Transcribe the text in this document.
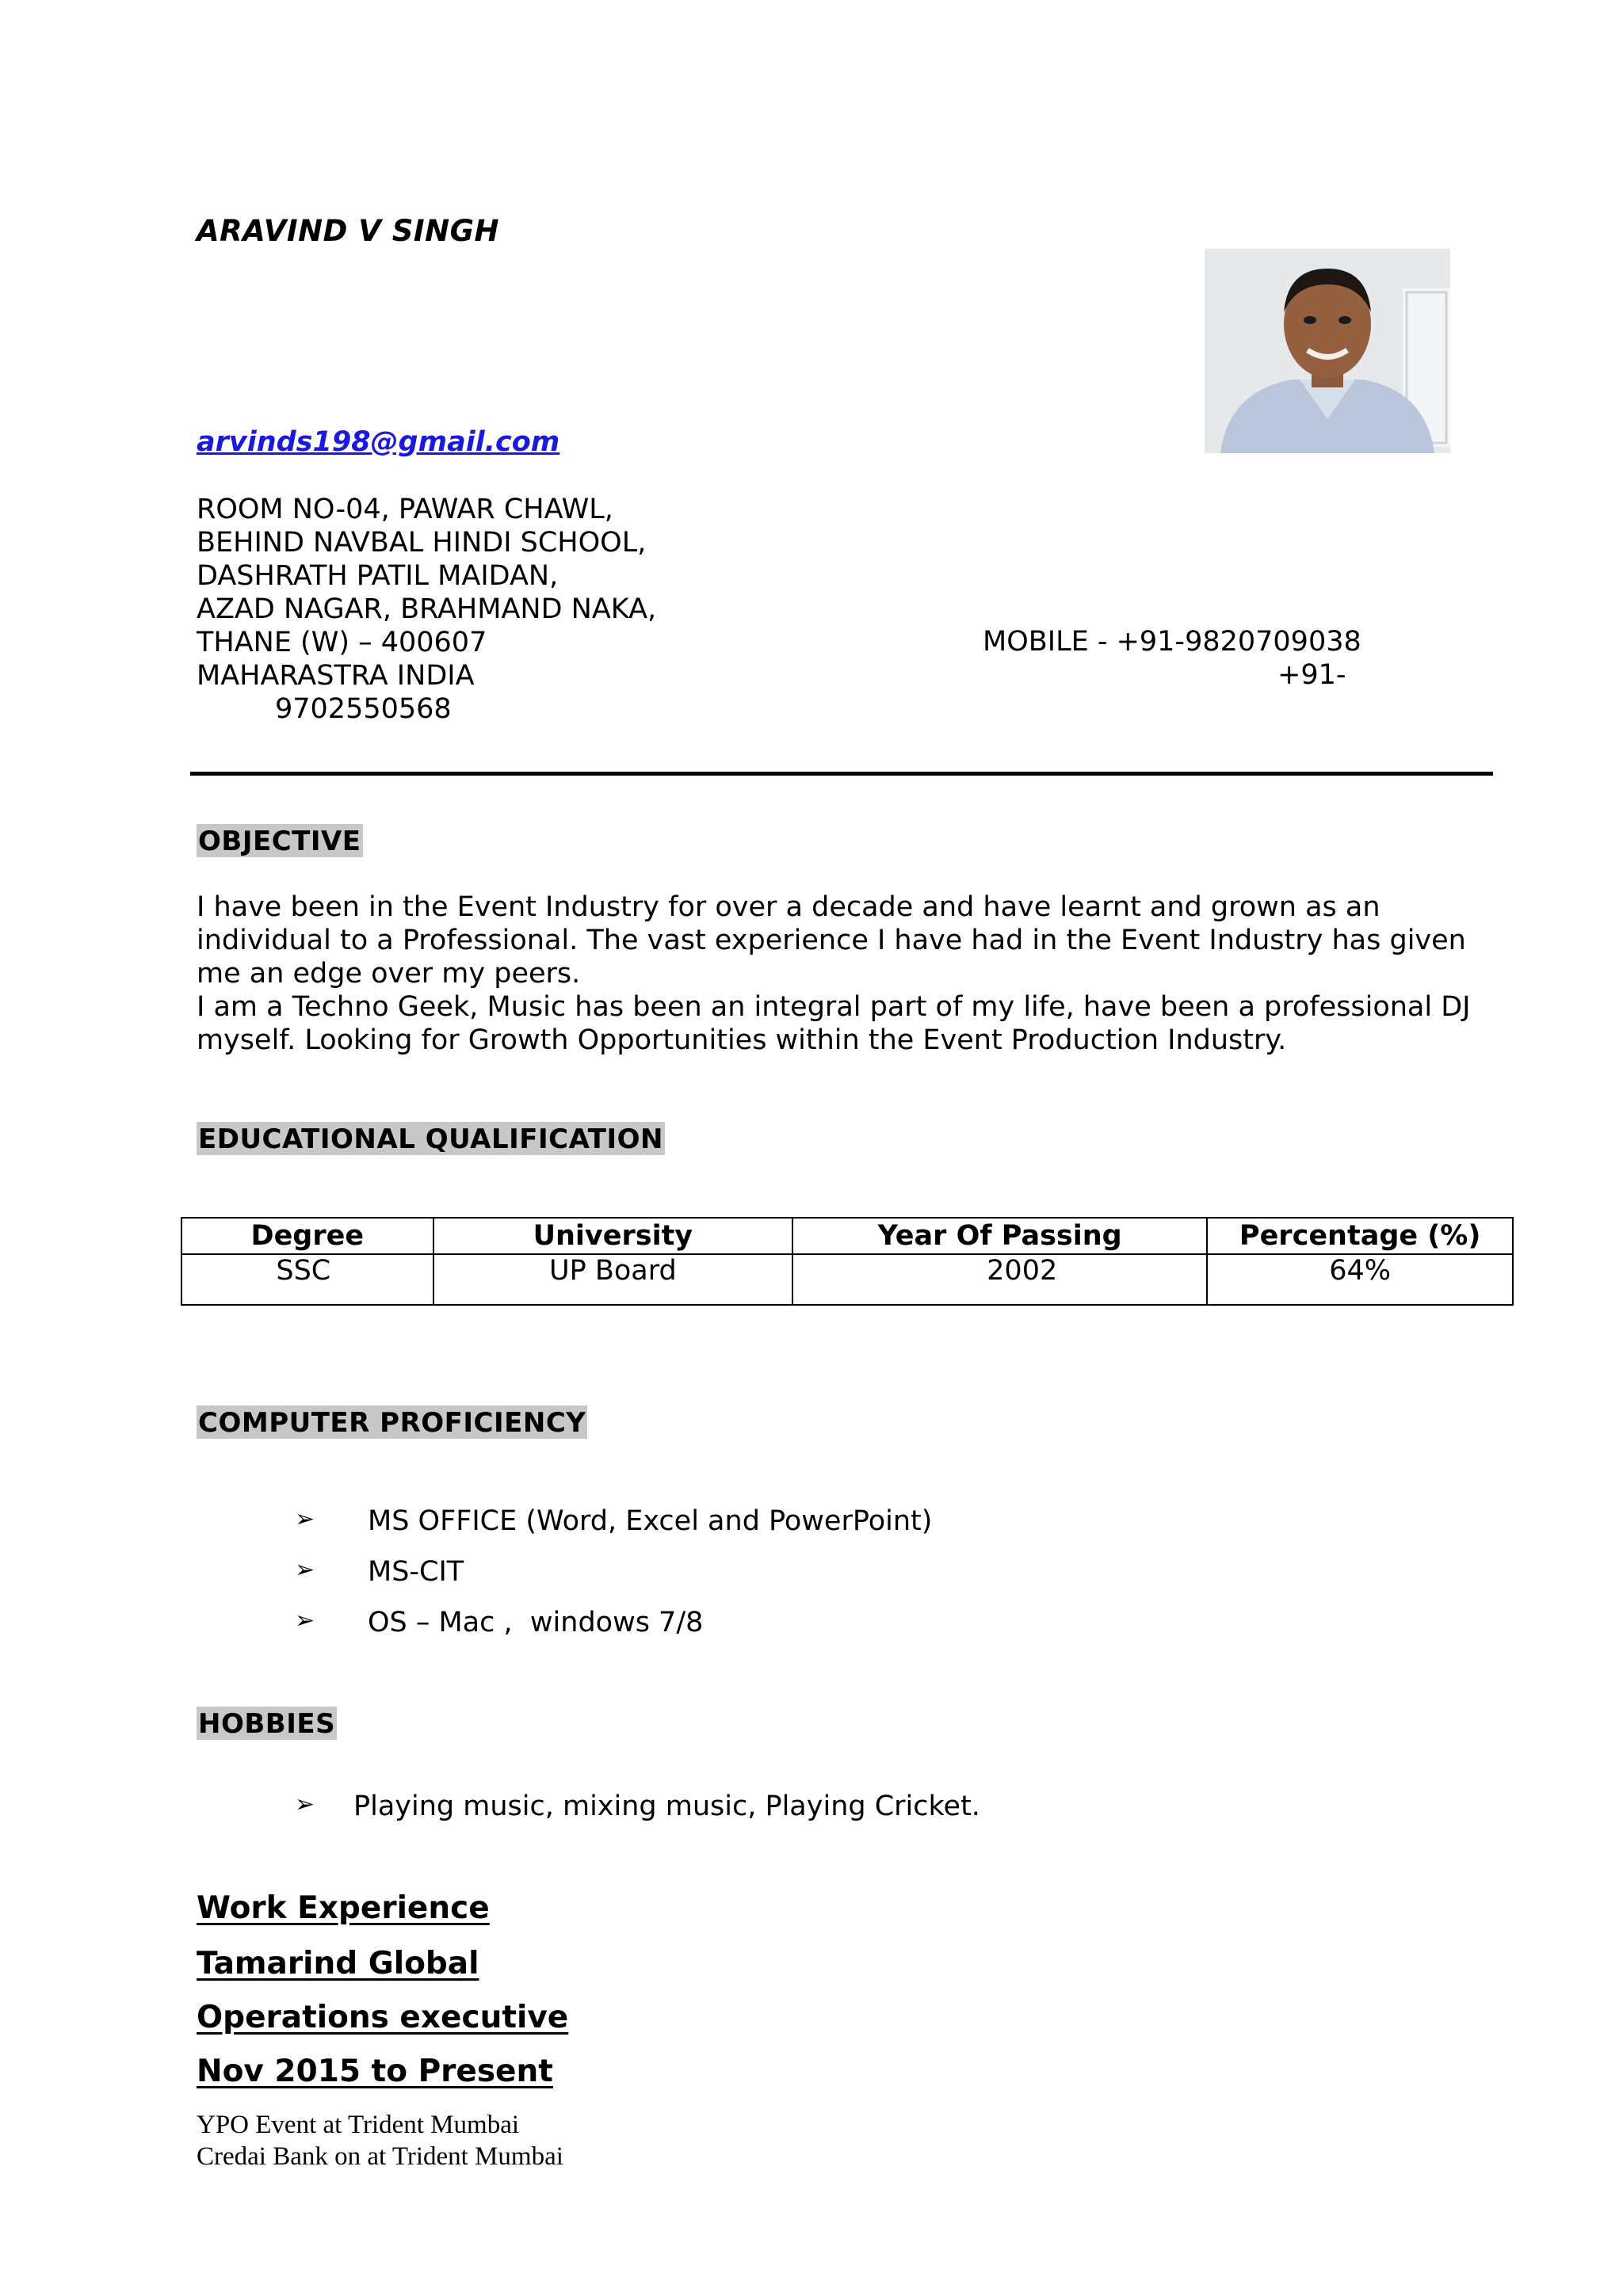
ARAVIND V SINGH
arvinds198@gmail.com
ROOM NO-04, PAWAR CHAWL,
BEHIND NAVBAL HINDI SCHOOL,
DASHRATH PATIL MAIDAN,
AZAD NAGAR, BRAHMAND NAKA,
THANE (W) – 400607
MAHARASTRA INDIA
9702550568
MOBILE - +91-9820709038
+91-
OBJECTIVE
I have been in the Event Industry for over a decade and have learnt and grown as an
individual to a Professional. The vast experience I have had in the Event Industry has given
me an edge over my peers.
I am a Techno Geek, Music has been an integral part of my life, have been a professional DJ
myself. Looking for Growth Opportunities within the Event Production Industry.
EDUCATIONAL QUALIFICATION
Degree	University	Year Of Passing	Percentage (%)
SSC	UP Board	2002	64%
COMPUTER PROFICIENCY
➢ MS OFFICE (Word, Excel and PowerPoint)
➢ MS-CIT
➢ OS – Mac ,  windows 7/8
HOBBIES
➢ Playing music, mixing music, Playing Cricket.
Work Experience
Tamarind Global
Operations executive
Nov 2015 to Present
YPO Event at Trident Mumbai
Credai Bank on at Trident Mumbai
